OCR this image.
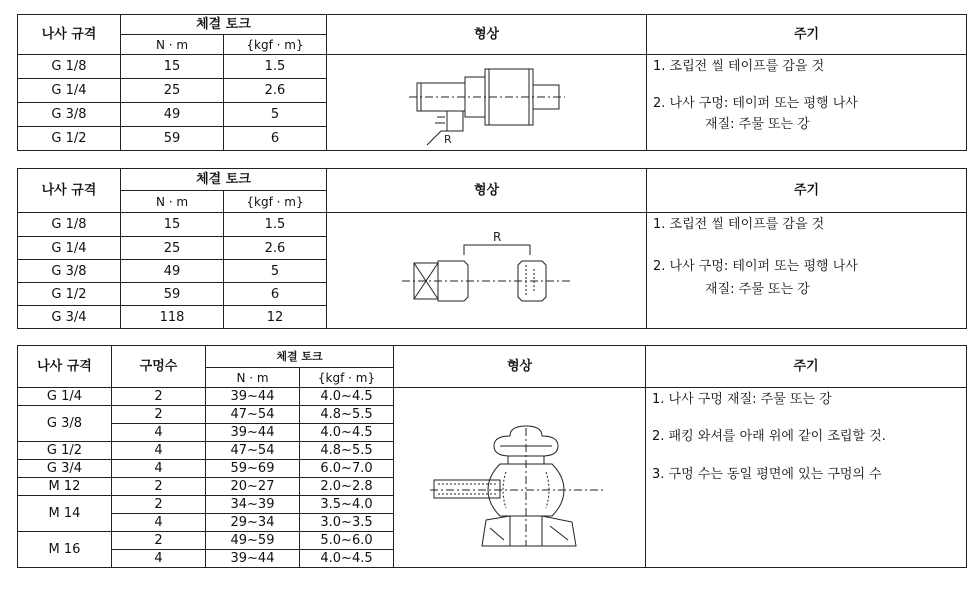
나사 규격	체결 토크		형상	주기
	N · m	{kgf · m}		
G 1/8	15	1.5	R	1. 조립전 씰 테이프를 감을 것

2. 나사 구멍: 테이퍼 또는 평행 나사

재질: 주물 또는 강

G 1/4	25	2.6		
G 3/8	49	5		
G 1/2	59	6		
나사 규격	체결 토크		형상	주기
	N · m	{kgf · m}		
G 1/8	15	1.5	R	1. 조립전 씰 테이프를 감을 것

2. 나사 구멍: 테이퍼 또는 평행 나사

재질: 주물 또는 강

G 1/4	25	2.6		
G 3/8	49	5		
G 1/2	59	6		
G 3/4	118	12		
나사 규격	구멍수	체결 토크		형상	주기
		N · m	{kgf · m}		
G 1/4	2	39~44	4.0~4.5		1. 나사 구멍 재질: 주물 또는 강

2. 패킹 와셔를 아래 위에 같이 조립할 것.

3. 구멍 수는 동일 평면에 있는 구멍의 수

G 3/8	2	47~54	4.8~5.5		
	4	39~44	4.0~4.5		
G 1/2	4	47~54	4.8~5.5		
G 3/4	4	59~69	6.0~7.0		
M 12	2	20~27	2.0~2.8		
M 14	2	34~39	3.5~4.0		
	4	29~34	3.0~3.5		
M 16	2	49~59	5.0~6.0		
	4	39~44	4.0~4.5		
